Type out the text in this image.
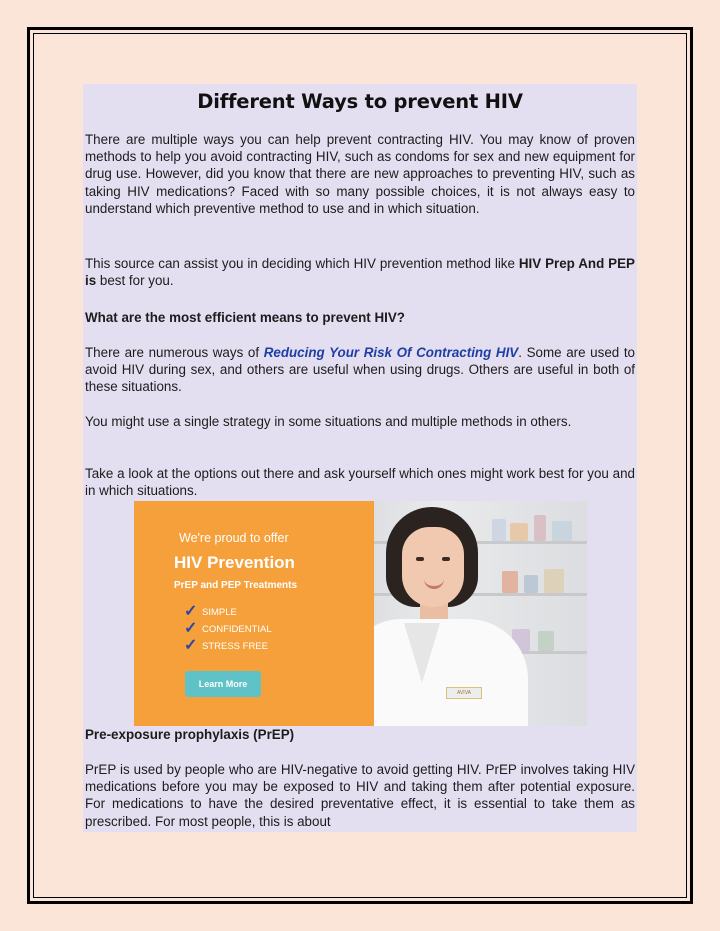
Different Ways to prevent HIV

There are multiple ways you can help prevent contracting HIV. You may know of proven methods to help you avoid contracting HIV, such as condoms for sex and new equipment for drug use. However, did you know that there are new approaches to preventing HIV, such as taking HIV medications? Faced with so many possible choices, it is not always easy to understand which preventive method to use and in which situation.

This source can assist you in deciding which HIV prevention method like HIV Prep And PEP is best for you.

What are the most efficient means to prevent HIV?

There are numerous ways of Reducing Your Risk Of Contracting HIV. Some are used to avoid HIV during sex, and others are useful when using drugs. Others are useful in both of these situations.

You might use a single strategy in some situations and multiple methods in others.

Take a look at the options out there and ask yourself which ones might work best for you and in which situations.

Pre-exposure prophylaxis (PrEP)

PrEP is used by people who are HIV-negative to avoid getting HIV. PrEP involves taking HIV medications before you may be exposed to HIV and taking them after potential exposure. For medications to have the desired preventative effect, it is essential to take them as prescribed. For most people, this is about

AVIVA
We're proud to offer
HIV Prevention
PrEP and PEP Treatments
✓ SIMPLE
✓ CONFIDENTIAL
✓ STRESS FREE
Learn More
